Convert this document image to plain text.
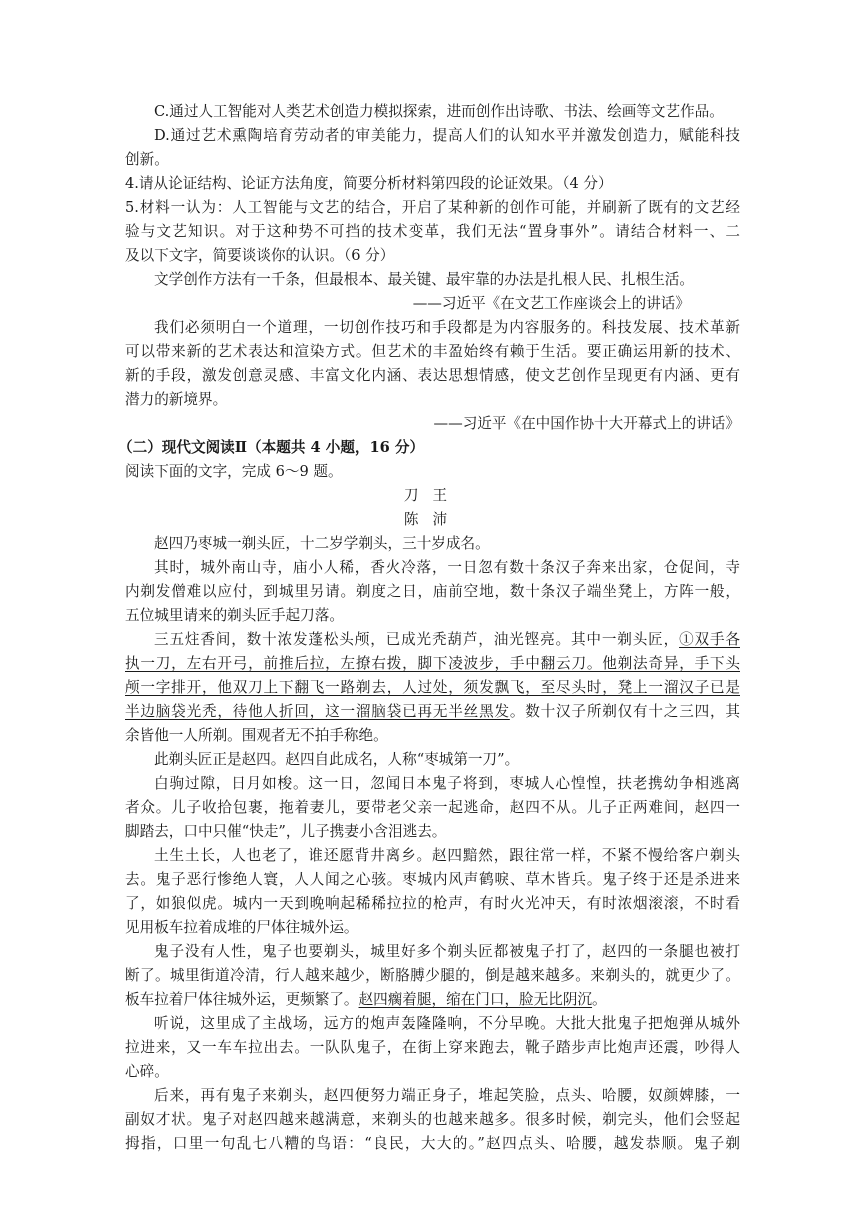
C.通过人工智能对人类艺术创造力模拟探索，进而创作出诗歌、书法、绘画等文艺作品。
D.通过艺术熏陶培育劳动者的审美能力，提高人们的认知水平并激发创造力，赋能科技
创新。
4.请从论证结构、论证方法角度，简要分析材料第四段的论证效果。（4 分）
5.材料一认为：人工智能与文艺的结合，开启了某种新的创作可能，并刷新了既有的文艺经
验与文艺知识。对于这种势不可挡的技术变革，我们无法“置身事外”。请结合材料一、二
及以下文字，简要谈谈你的认识。（6 分）
文学创作方法有一千条，但最根本、最关键、最牢靠的办法是扎根人民、扎根生活。
——习近平《在文艺工作座谈会上的讲话》
我们必须明白一个道理，一切创作技巧和手段都是为内容服务的。科技发展、技术革新
可以带来新的艺术表达和渲染方式。但艺术的丰盈始终有赖于生活。要正确运用新的技术、
新的手段，激发创意灵感、丰富文化内涵、表达思想情感，使文艺创作呈现更有内涵、更有
潜力的新境界。
——习近平《在中国作协十大开幕式上的讲话》
（二）现代文阅读Ⅱ（本题共 4 小题，16 分）
阅读下面的文字，完成 6～9 题。
刀王
陈沛
赵四乃枣城一剃头匠，十二岁学剃头，三十岁成名。
其时，城外南山寺，庙小人稀，香火冷落，一日忽有数十条汉子奔来出家，仓促间，寺
内剃发僧难以应付，到城里另请。剃度之日，庙前空地，数十条汉子端坐凳上，方阵一般，
五位城里请来的剃头匠手起刀落。
三五炷香间，数十浓发蓬松头颅，已成光秃葫芦，油光铿亮。其中一剃头匠，①双手各
执一刀，左右开弓，前推后拉，左撩右拨，脚下凌波步，手中翻云刀。他剃法奇异，手下头
颅一字排开，他双刀上下翻飞一路剃去，人过处，须发飘飞，至尽头时，凳上一溜汉子已是
半边脑袋光秃，待他人折回，这一溜脑袋已再无半丝黑发。数十汉子所剃仅有十之三四，其
余皆他一人所剃。围观者无不拍手称绝。
此剃头匠正是赵四。赵四自此成名，人称“枣城第一刀”。
白驹过隙，日月如梭。这一日，忽闻日本鬼子将到，枣城人心惶惶，扶老携幼争相逃离
者众。儿子收拾包裹，拖着妻儿，要带老父亲一起逃命，赵四不从。儿子正两难间，赵四一
脚踏去，口中只催“快走”，儿子携妻小含泪逃去。
土生土长，人也老了，谁还愿背井离乡。赵四黯然，跟往常一样，不紧不慢给客户剃头
去。鬼子恶行惨绝人寰，人人闻之心骇。枣城内风声鹤唳、草木皆兵。鬼子终于还是杀进来
了，如狼似虎。城内一天到晚响起稀稀拉拉的枪声，有时火光冲天，有时浓烟滚滚，不时看
见用板车拉着成堆的尸体往城外运。
鬼子没有人性，鬼子也要剃头，城里好多个剃头匠都被鬼子打了，赵四的一条腿也被打
断了。城里街道冷清，行人越来越少，断胳膊少腿的，倒是越来越多。来剃头的，就更少了。
板车拉着尸体往城外运，更频繁了。赵四瘸着腿，缩在门口，脸无比阴沉。
听说，这里成了主战场，远方的炮声轰隆隆响，不分早晚。大批大批鬼子把炮弹从城外
拉进来，又一车车拉出去。一队队鬼子，在街上穿来跑去，靴子踏步声比炮声还震，吵得人
心碎。
后来，再有鬼子来剃头，赵四便努力端正身子，堆起笑脸，点头、哈腰，奴颜婢膝，一
副奴才状。鬼子对赵四越来越满意，来剃头的也越来越多。很多时候，剃完头，他们会竖起
拇指，口里一句乱七八糟的鸟语：“良民，大大的。”赵四点头、哈腰，越发恭顺。鬼子剃
